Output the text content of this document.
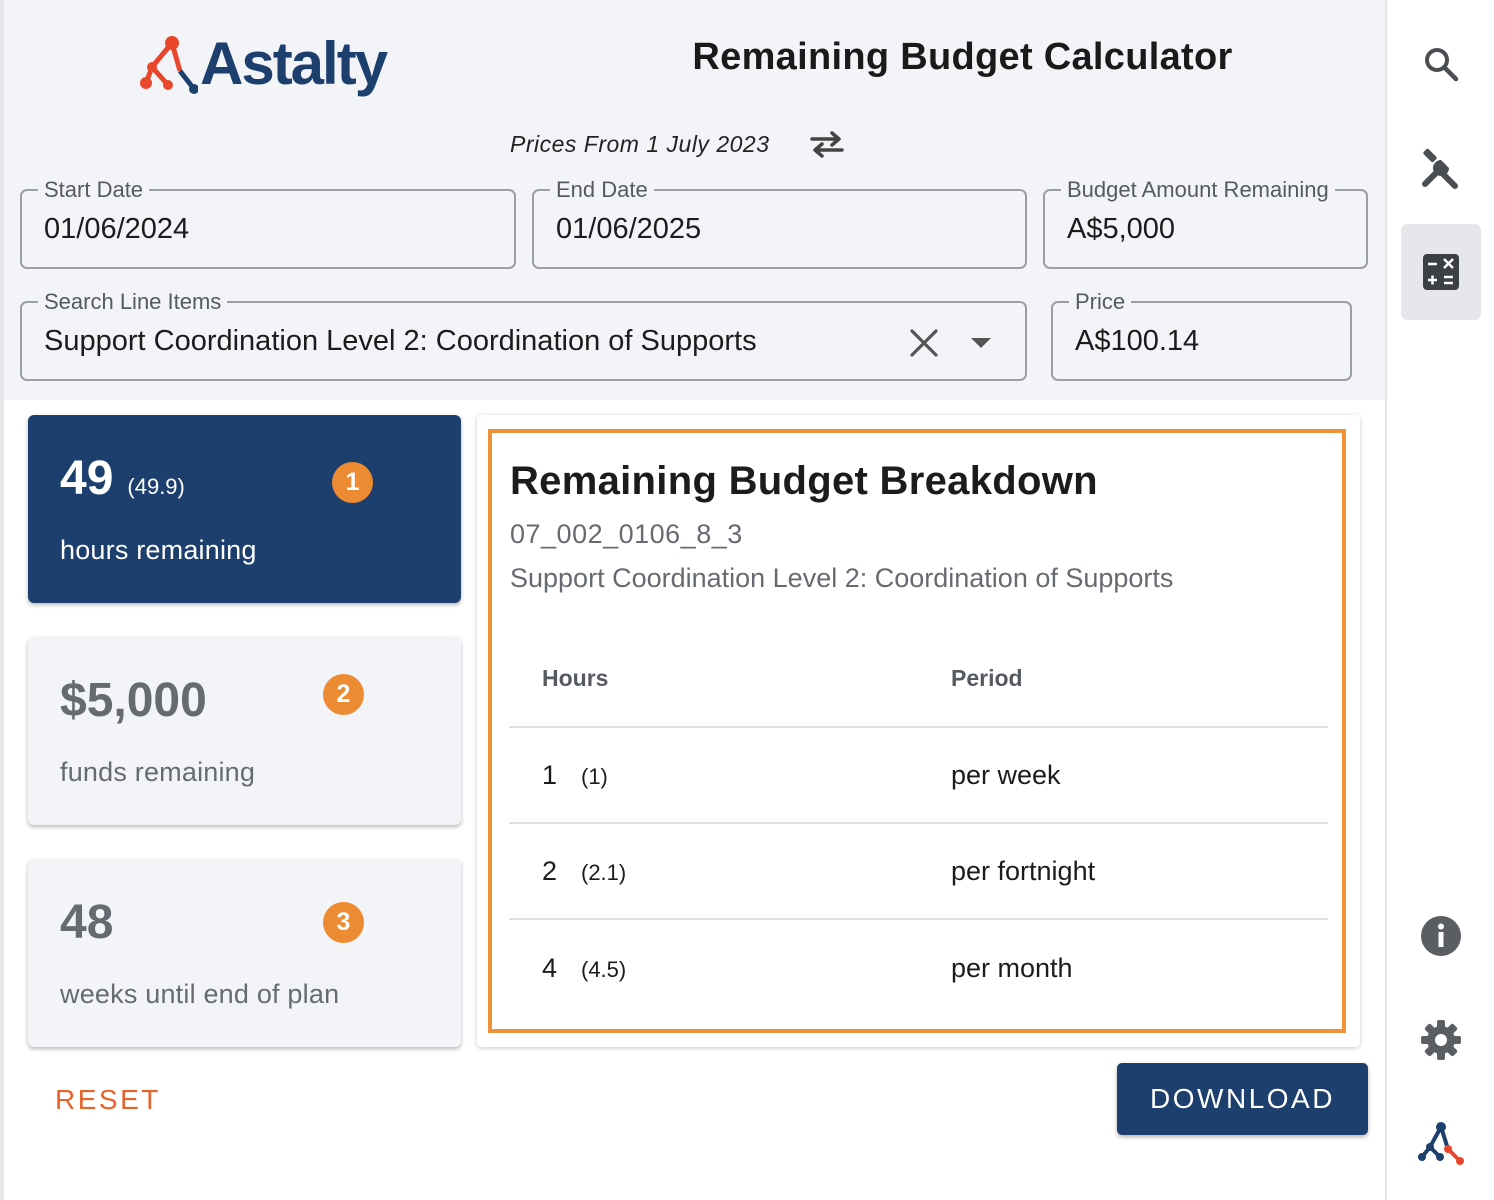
Astalty	Remaining Budget Calculator
Prices From 1 July 2023
Start Date
01/06/2024
End Date
01/06/2025
Budget Amount Remaining
A$5,000
Search Line Items
Support Coordination Level 2: Coordination of Supports
Price
A$100.14
49 (49.9)	1
hours remaining
$5,000	2
funds remaining
48	3
weeks until end of plan
Remaining Budget Breakdown
07_002_0106_8_3
Support Coordination Level 2: Coordination of Supports
Hours	Period
1 (1)	per week
2 (2.1)	per fortnight
4 (4.5)	per month
RESET	DOWNLOAD
